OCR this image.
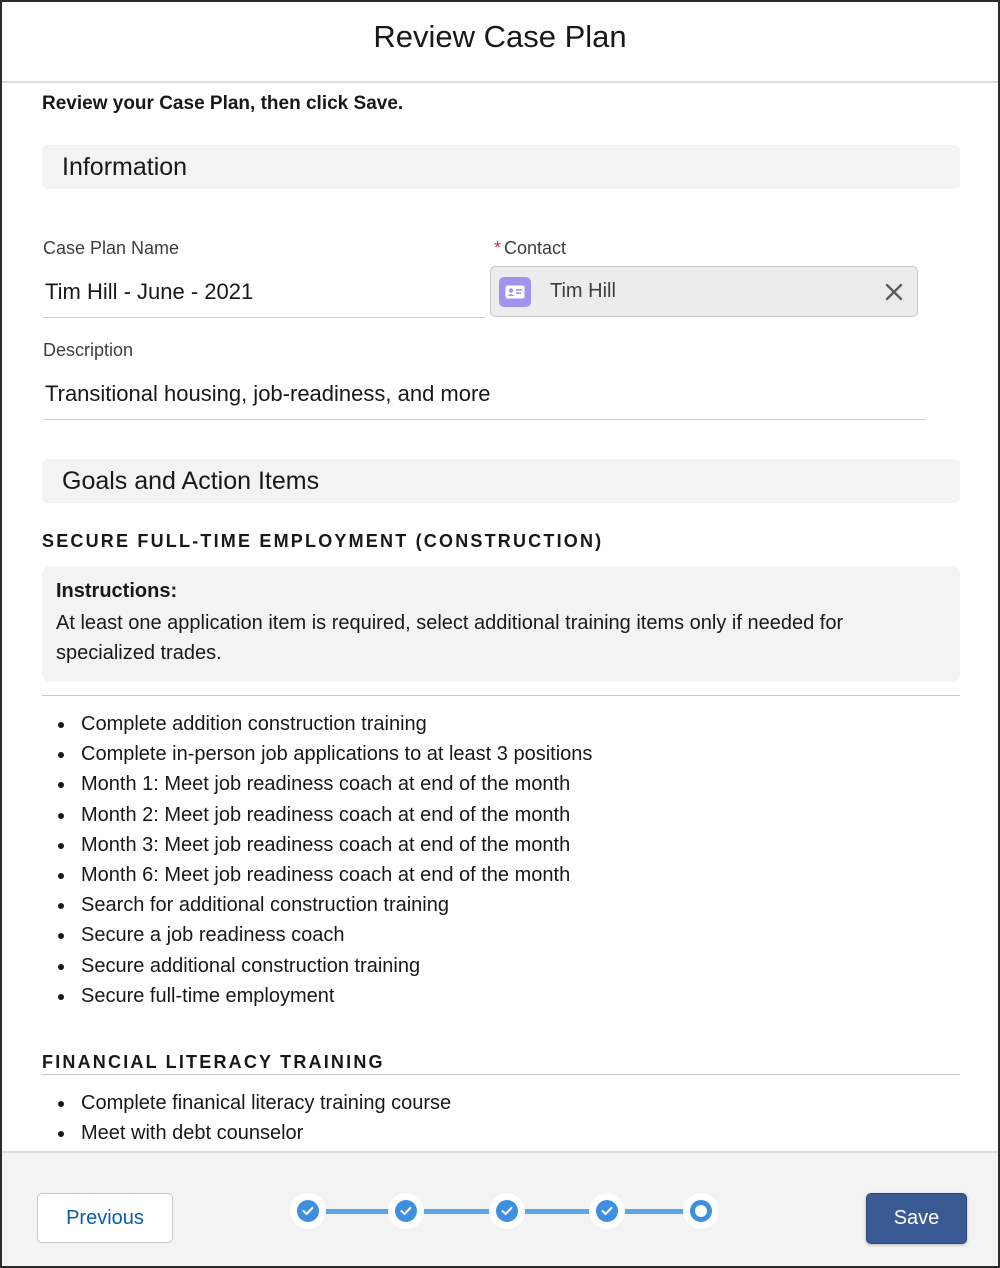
Review Case Plan
Review your Case Plan, then click Save.
Information
Case Plan Name
Tim Hill - June - 2021
* Contact
Tim Hill
Description
Transitional housing, job-readiness, and more
Goals and Action Items
SECURE FULL-TIME EMPLOYMENT (CONSTRUCTION)
Instructions:
At least one application item is required, select additional training items only if needed for specialized trades.
Complete addition construction training
Complete in-person job applications to at least 3 positions
Month 1: Meet job readiness coach at end of the month
Month 2: Meet job readiness coach at end of the month
Month 3: Meet job readiness coach at end of the month
Month 6: Meet job readiness coach at end of the month
Search for additional construction training
Secure a job readiness coach
Secure additional construction training
Secure full-time employment
FINANCIAL LITERACY TRAINING
Complete finanical literacy training course
Meet with debt counselor
Previous	Save
